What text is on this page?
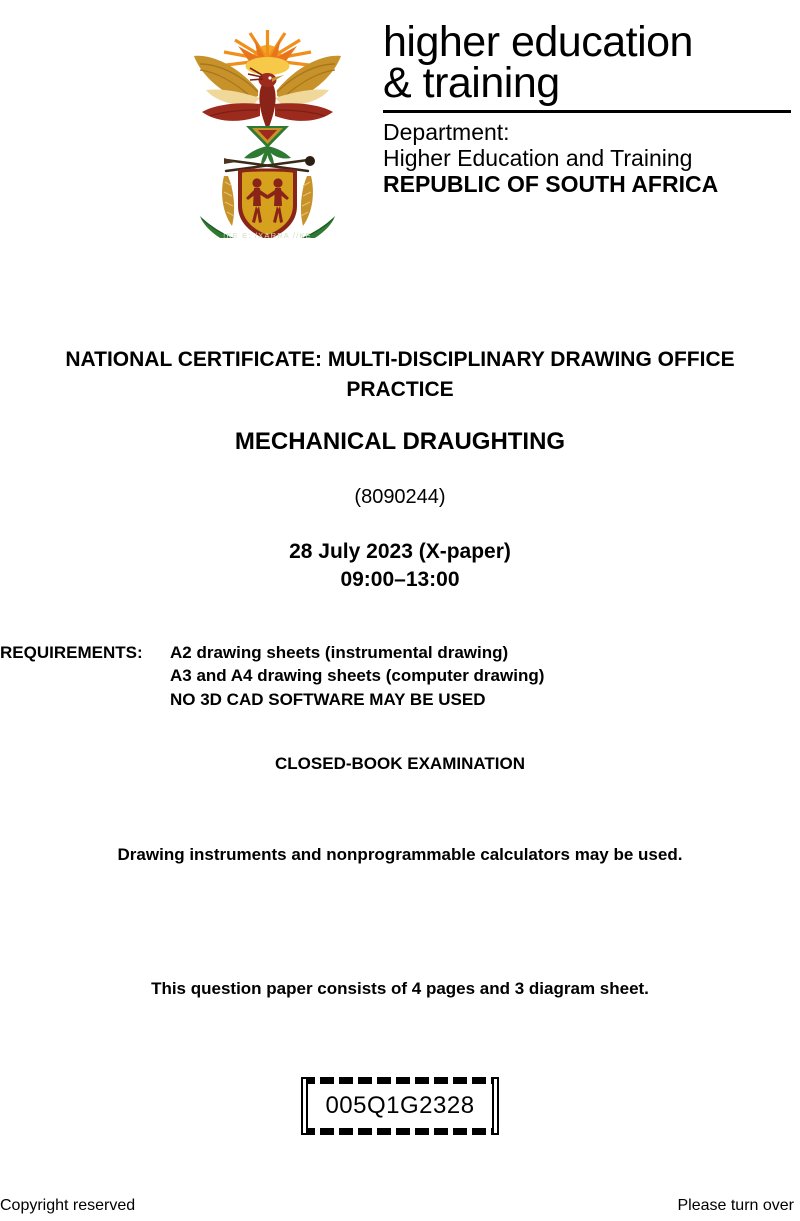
!KE E: /XARRA //KE
higher education
& training
Department:
Higher Education and Training
REPUBLIC OF SOUTH AFRICA
NATIONAL CERTIFICATE: MULTI-DISCIPLINARY DRAWING OFFICE PRACTICE
MECHANICAL DRAUGHTING
(8090244)
28 July 2023 (X-paper)
09:00–13:00
REQUIREMENTS:	A2 drawing sheets (instrumental drawing)
A3 and A4 drawing sheets (computer drawing)
NO 3D CAD SOFTWARE MAY BE USED
CLOSED-BOOK EXAMINATION
Drawing instruments and nonprogrammable calculators may be used.
This question paper consists of 4 pages and 3 diagram sheet.
005Q1G2328
Copyright reserved	Please turn over
